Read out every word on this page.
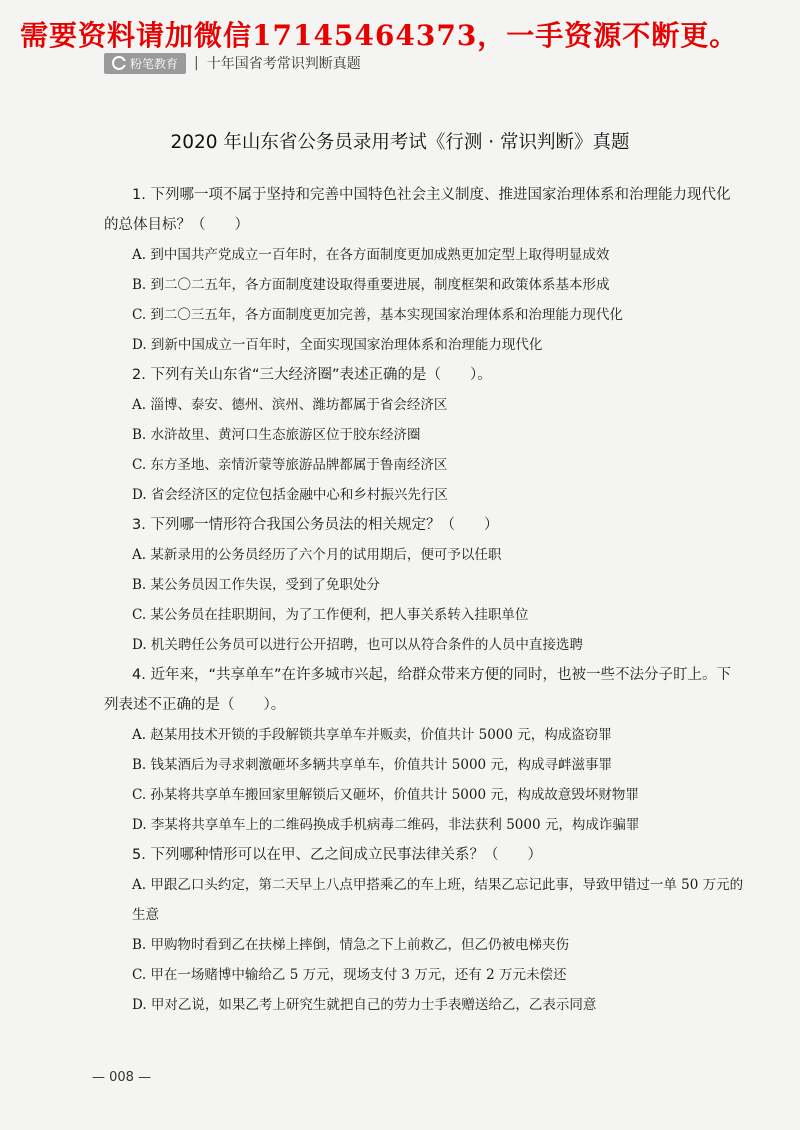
需要资料请加微信17145464373，一手资源不断更。
粉笔教育 | 十年国省考常识判断真题
2020 年山东省公务员录用考试《行测 · 常识判断》真题

1. 下列哪一项不属于坚持和完善中国特色社会主义制度、推进国家治理体系和治理能力现代化的总体目标？（　　）

A. 到中国共产党成立一百年时，在各方面制度更加成熟更加定型上取得明显成效

B. 到二〇二五年，各方面制度建设取得重要进展，制度框架和政策体系基本形成

C. 到二〇三五年，各方面制度更加完善，基本实现国家治理体系和治理能力现代化

D. 到新中国成立一百年时，全面实现国家治理体系和治理能力现代化

2. 下列有关山东省“三大经济圈”表述正确的是（　　）。

A. 淄博、泰安、德州、滨州、潍坊都属于省会经济区

B. 水浒故里、黄河口生态旅游区位于胶东经济圈

C. 东方圣地、亲情沂蒙等旅游品牌都属于鲁南经济区

D. 省会经济区的定位包括金融中心和乡村振兴先行区

3. 下列哪一情形符合我国公务员法的相关规定？（　　）

A. 某新录用的公务员经历了六个月的试用期后，便可予以任职

B. 某公务员因工作失误，受到了免职处分

C. 某公务员在挂职期间，为了工作便利，把人事关系转入挂职单位

D. 机关聘任公务员可以进行公开招聘，也可以从符合条件的人员中直接选聘

4. 近年来，“共享单车”在许多城市兴起，给群众带来方便的同时，也被一些不法分子盯上。下列表述不正确的是（　　）。

A. 赵某用技术开锁的手段解锁共享单车并贩卖，价值共计 5000 元，构成盗窃罪

B. 钱某酒后为寻求刺激砸坏多辆共享单车，价值共计 5000 元，构成寻衅滋事罪

C. 孙某将共享单车搬回家里解锁后又砸坏，价值共计 5000 元，构成故意毁坏财物罪

D. 李某将共享单车上的二维码换成手机病毒二维码，非法获利 5000 元，构成诈骗罪

5. 下列哪种情形可以在甲、乙之间成立民事法律关系？（　　）

A. 甲跟乙口头约定，第二天早上八点甲搭乘乙的车上班，结果乙忘记此事，导致甲错过一单 50 万元的生意

B. 甲购物时看到乙在扶梯上摔倒，情急之下上前救乙，但乙仍被电梯夹伤

C. 甲在一场赌博中输给乙 5 万元，现场支付 3 万元，还有 2 万元未偿还

D. 甲对乙说，如果乙考上研究生就把自己的劳力士手表赠送给乙，乙表示同意

— 008 —
